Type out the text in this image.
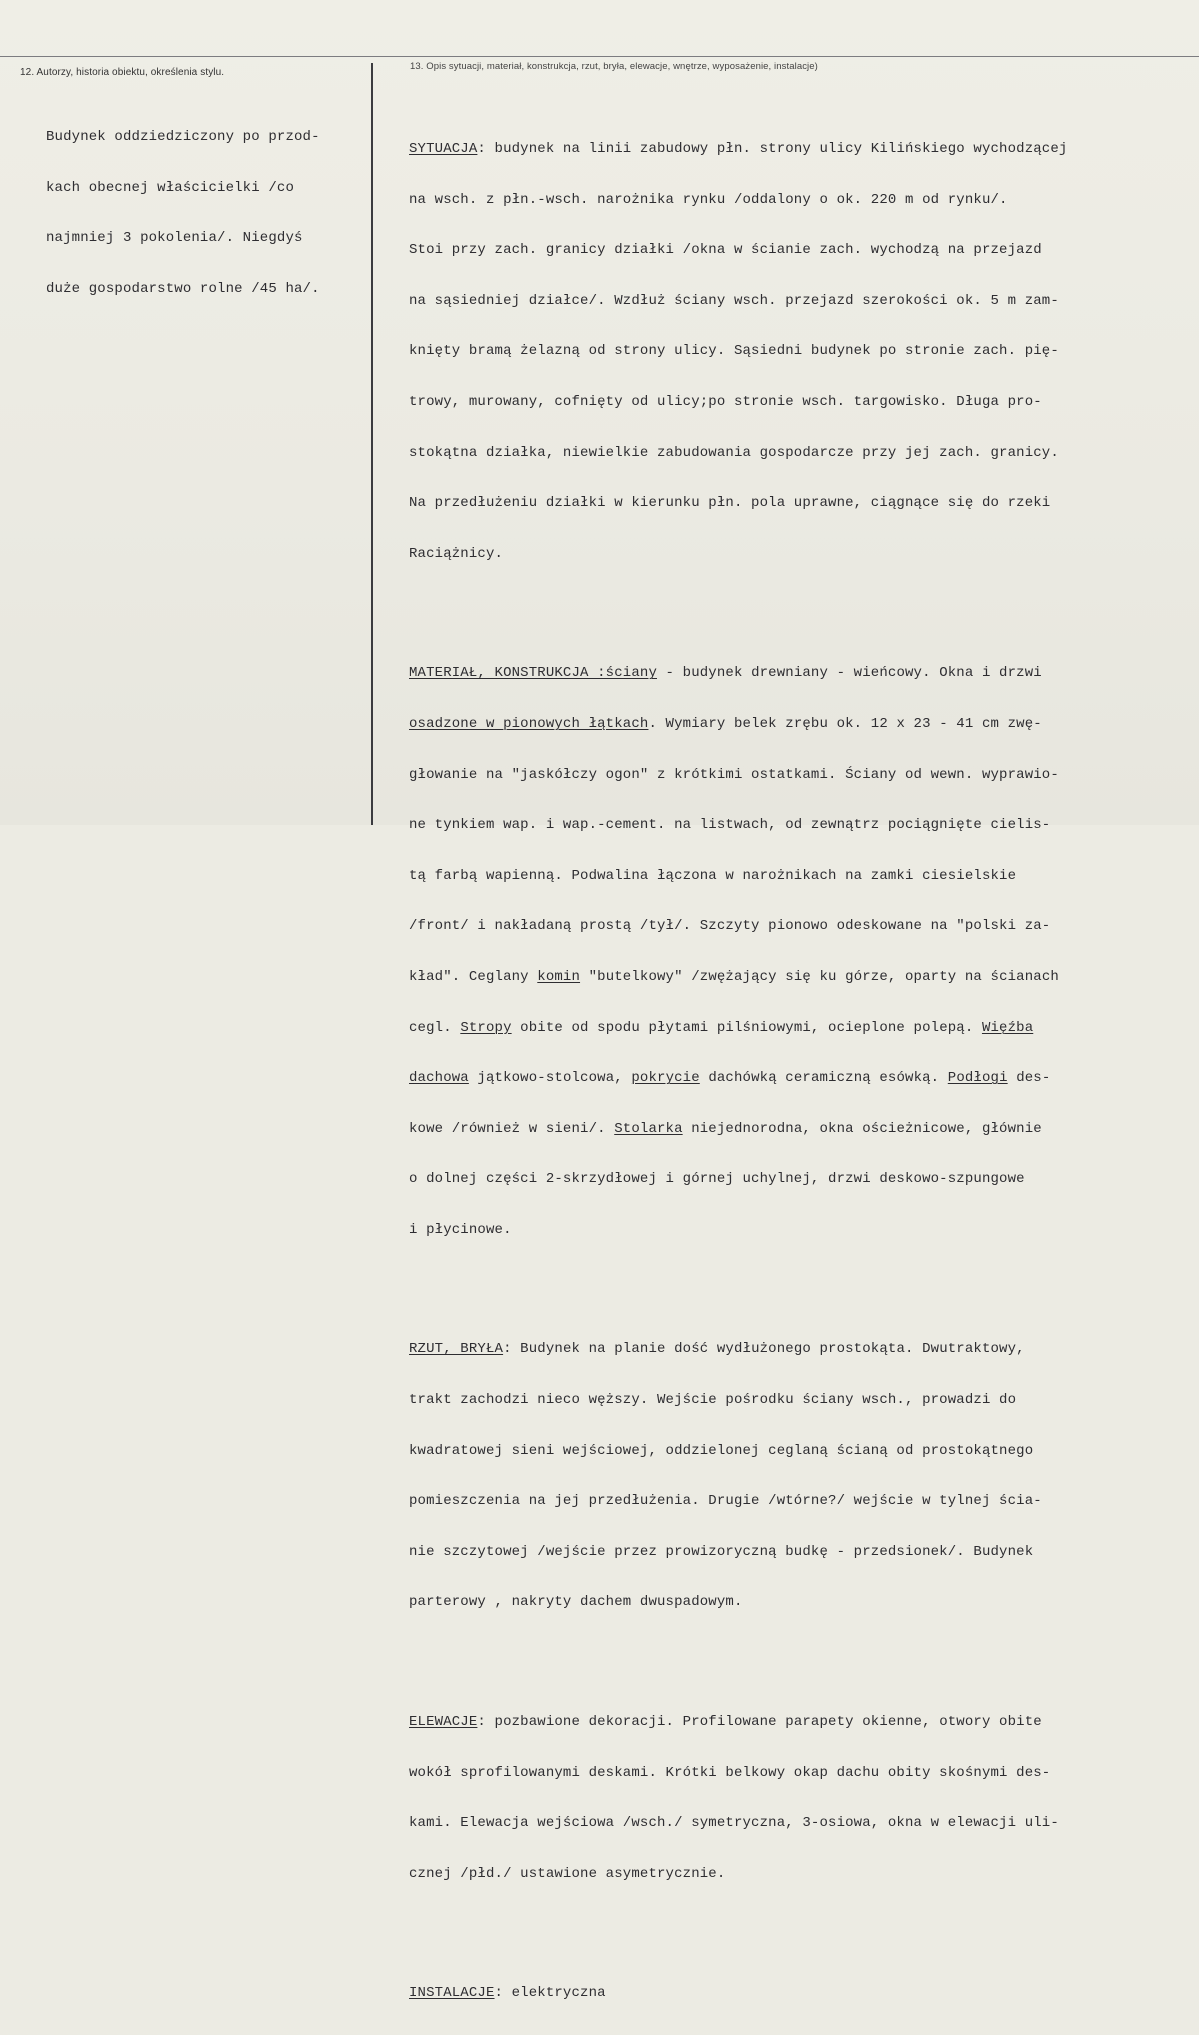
12. Autorzy, historia obiektu, określenia stylu.
13. Opis sytuacji, materiał, konstrukcja, rzut, bryła, elewacje, wnętrze, wyposażenie, instalacje)

Budynek oddziedziczony po przod-

kach obecnej właścicielki /co

najmniej 3 pokolenia/. Niegdyś

duże gospodarstwo rolne /45 ha/.

SYTUACJA: budynek na linii zabudowy płn. strony ulicy Kilińskiego wychodzącej

na wsch. z płn.-wsch. narożnika rynku /oddalony o ok. 220 m od rynku/.

Stoi przy zach. granicy działki /okna w ścianie zach. wychodzą na przejazd

na sąsiedniej działce/. Wzdłuż ściany wsch. przejazd szerokości ok. 5 m zam-

knięty bramą żelazną od strony ulicy. Sąsiedni budynek po stronie zach. pię-

trowy, murowany, cofnięty od ulicy;po stronie wsch. targowisko. Długa pro-

stokątna działka, niewielkie zabudowania gospodarcze przy jej zach. granicy.

Na przedłużeniu działki w kierunku płn. pola uprawne, ciągnące się do rzeki

Raciążnicy.

MATERIAŁ, KONSTRUKCJA :ściany - budynek drewniany - wieńcowy. Okna i drzwi

osadzone w pionowych łątkach. Wymiary belek zrębu ok. 12 x 23 - 41 cm zwę-

głowanie na "jaskółczy ogon" z krótkimi ostatkami. Ściany od wewn. wyprawio-

ne tynkiem wap. i wap.-cement. na listwach, od zewnątrz pociągnięte cielis-

tą farbą wapienną. Podwalina łączona w narożnikach na zamki ciesielskie

/front/ i nakładaną prostą /tył/. Szczyty pionowo odeskowane na "polski za-

kład". Ceglany komin "butelkowy" /zwężający się ku górze, oparty na ścianach

cegl. Stropy obite od spodu płytami pilśniowymi, ocieplone polepą. Więźba

dachowa jątkowo-stolcowa, pokrycie dachówką ceramiczną esówką. Podłogi des-

kowe /również w sieni/. Stolarka niejednorodna, okna ościeżnicowe, głównie

o dolnej części 2-skrzydłowej i górnej uchylnej, drzwi deskowo-szpungowe

i płycinowe.

RZUT, BRYŁA: Budynek na planie dość wydłużonego prostokąta. Dwutraktowy,

trakt zachodzi nieco węższy. Wejście pośrodku ściany wsch., prowadzi do

kwadratowej sieni wejściowej, oddzielonej ceglaną ścianą od prostokątnego

pomieszczenia na jej przedłużenia. Drugie /wtórne?/ wejście w tylnej ścia-

nie szczytowej /wejście przez prowizoryczną budkę - przedsionek/. Budynek

parterowy , nakryty dachem dwuspadowym.

ELEWACJE: pozbawione dekoracji. Profilowane parapety okienne, otwory obite

wokół sprofilowanymi deskami. Krótki belkowy okap dachu obity skośnymi des-

kami. Elewacja wejściowa /wsch./ symetryczna, 3-osiowa, okna w elewacji uli-

cznej /płd./ ustawione asymetrycznie.

INSTALACJE: elektryczna
